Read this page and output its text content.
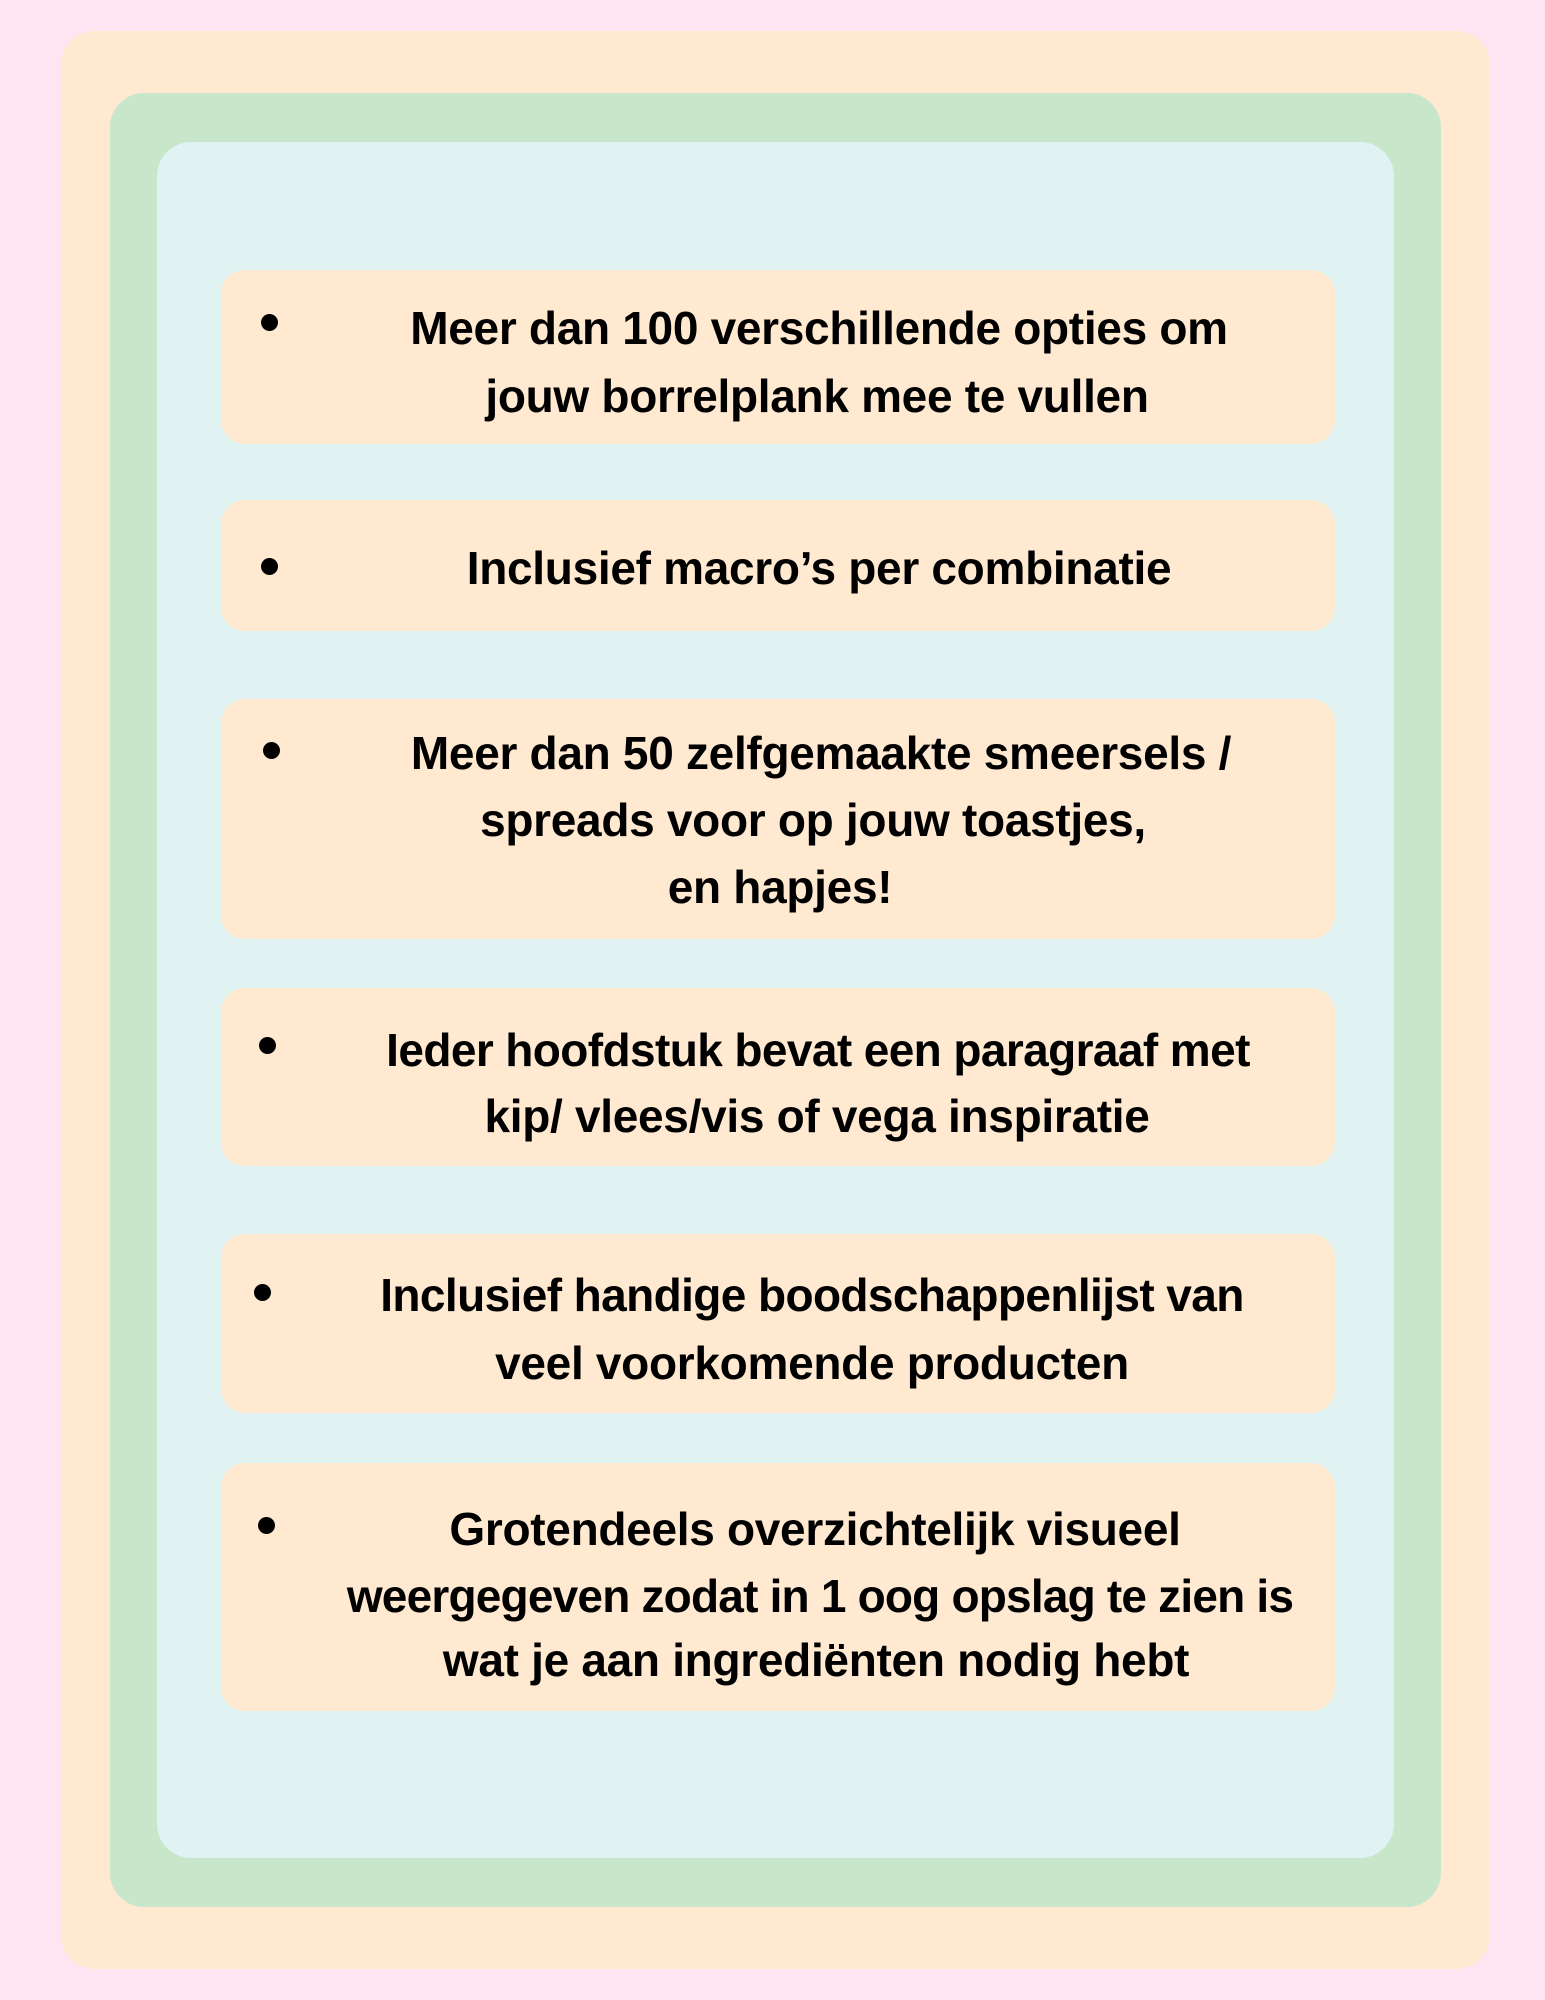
Meer dan 100 verschillende opties om
jouw borrelplank mee te vullen
Inclusief macro’s per combinatie
Meer dan 50 zelfgemaakte smeersels /
spreads voor op jouw toastjes,
en hapjes!
Ieder hoofdstuk bevat een paragraaf met
kip/ vlees/vis of vega inspiratie
Inclusief handige boodschappenlijst van
veel voorkomende producten
Grotendeels overzichtelijk visueel
weergegeven zodat in 1 oog opslag te zien is
wat je aan ingrediënten nodig hebt
